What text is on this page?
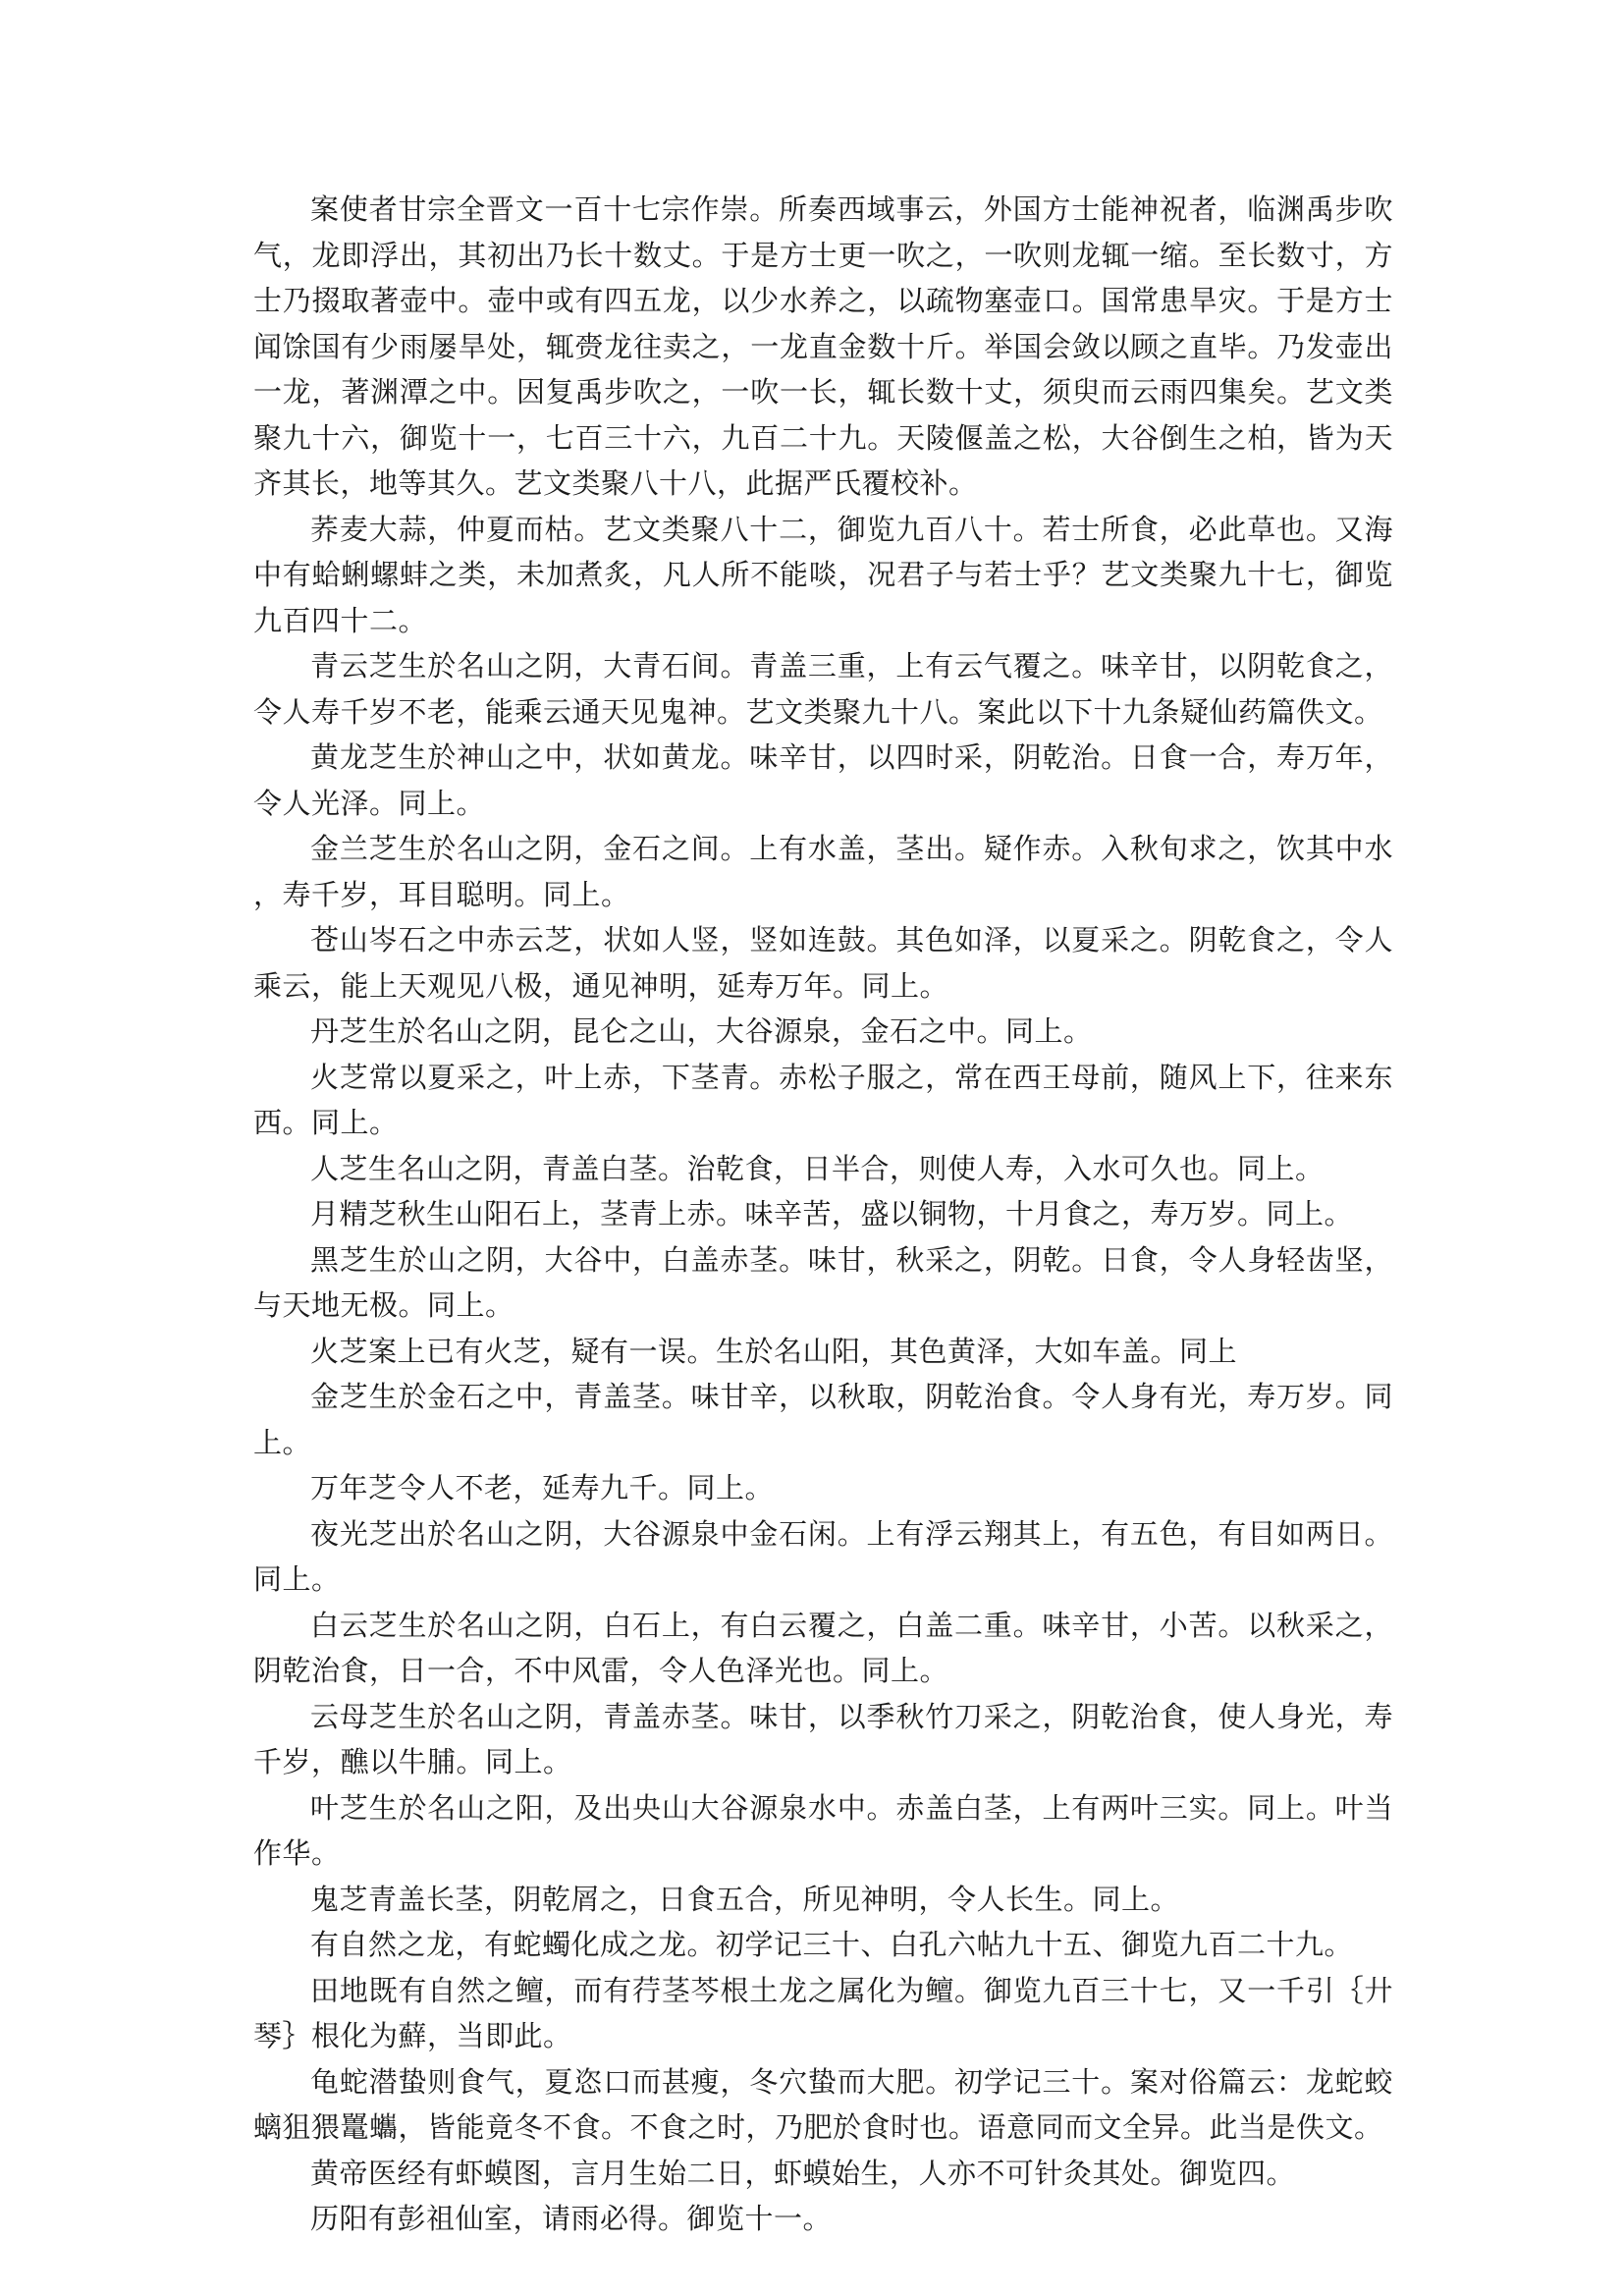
案使者甘宗全晋文一百十七宗作崇。所奏西域事云，外国方士能神祝者，临渊禹步吹气，龙即浮出，其初出乃长十数丈。于是方士更一吹之，一吹则龙辄一缩。至长数寸，方士乃掇取著壶中。壶中或有四五龙，以少水养之，以疏物塞壶口。国常患旱灾。于是方士闻馀国有少雨屡旱处，辄赍龙往卖之，一龙直金数十斤。举国会敛以顾之直毕。乃发壶出一龙，著渊潭之中。因复禹步吹之，一吹一长，辄长数十丈，须臾而云雨四集矣。艺文类聚九十六，御览十一，七百三十六，九百二十九。天陵偃盖之松，大谷倒生之柏，皆为天齐其长，地等其久。艺文类聚八十八，此据严氏覆校补。

荞麦大蒜，仲夏而枯。艺文类聚八十二，御览九百八十。若士所食，必此草也。又海中有蛤蜊螺蚌之类，未加煮炙，凡人所不能啖，况君子与若士乎？艺文类聚九十七，御览九百四十二。

青云芝生於名山之阴，大青石间。青盖三重，上有云气覆之。味辛甘，以阴乾食之，令人寿千岁不老，能乘云通天见鬼神。艺文类聚九十八。案此以下十九条疑仙药篇佚文。

黄龙芝生於神山之中，状如黄龙。味辛甘，以四时采，阴乾治。日食一合，寿万年，令人光泽。同上。

金兰芝生於名山之阴，金石之间。上有水盖，茎出。疑作赤。入秋旬求之，饮其中水，寿千岁，耳目聪明。同上。

苍山岑石之中赤云芝，状如人竖，竖如连鼓。其色如泽，以夏采之。阴乾食之，令人乘云，能上天观见八极，通见神明，延寿万年。同上。

丹芝生於名山之阴，昆仑之山，大谷源泉，金石之中。同上。

火芝常以夏采之，叶上赤，下茎青。赤松子服之，常在西王母前，随风上下，往来东西。同上。

人芝生名山之阴，青盖白茎。治乾食，日半合，则使人寿，入水可久也。同上。

月精芝秋生山阳石上，茎青上赤。味辛苦，盛以铜物，十月食之，寿万岁。同上。

黑芝生於山之阴，大谷中，白盖赤茎。味甘，秋采之，阴乾。日食，令人身轻齿坚，与天地无极。同上。

火芝案上已有火芝，疑有一误。生於名山阳，其色黄泽，大如车盖。同上

金芝生於金石之中，青盖茎。味甘辛，以秋取，阴乾治食。令人身有光，寿万岁。同上。

万年芝令人不老，延寿九千。同上。

夜光芝出於名山之阴，大谷源泉中金石闲。上有浮云翔其上，有五色，有目如两日。同上。

白云芝生於名山之阴，白石上，有白云覆之，白盖二重。味辛甘，小苦。以秋采之，阴乾治食，日一合，不中风雷，令人色泽光也。同上。

云母芝生於名山之阴，青盖赤茎。味甘，以季秋竹刀采之，阴乾治食，使人身光，寿千岁，醮以牛脯。同上。

叶芝生於名山之阳，及出央山大谷源泉水中。赤盖白茎，上有两叶三实。同上。叶当作华。

鬼芝青盖长茎，阴乾屑之，日食五合，所见神明，令人长生。同上。

有自然之龙，有蛇蠋化成之龙。初学记三十、白孔六帖九十五、御览九百二十九。

田地既有自然之鳣，而有荇茎芩根土龙之属化为鳣。御览九百三十七，又一千引｛廾琴｝根化为蘚，当即此。

龟蛇潜蛰则食气，夏恣口而甚瘦，冬穴蛰而大肥。初学记三十。案对俗篇云：龙蛇蛟螭狙猥鼍蠵，皆能竟冬不食。不食之时，乃肥於食时也。语意同而文全异。此当是佚文。

黄帝医经有虾蟆图，言月生始二日，虾蟆始生，人亦不可针灸其处。御览四。

历阳有彭祖仙室，请雨必得。御览十一。
